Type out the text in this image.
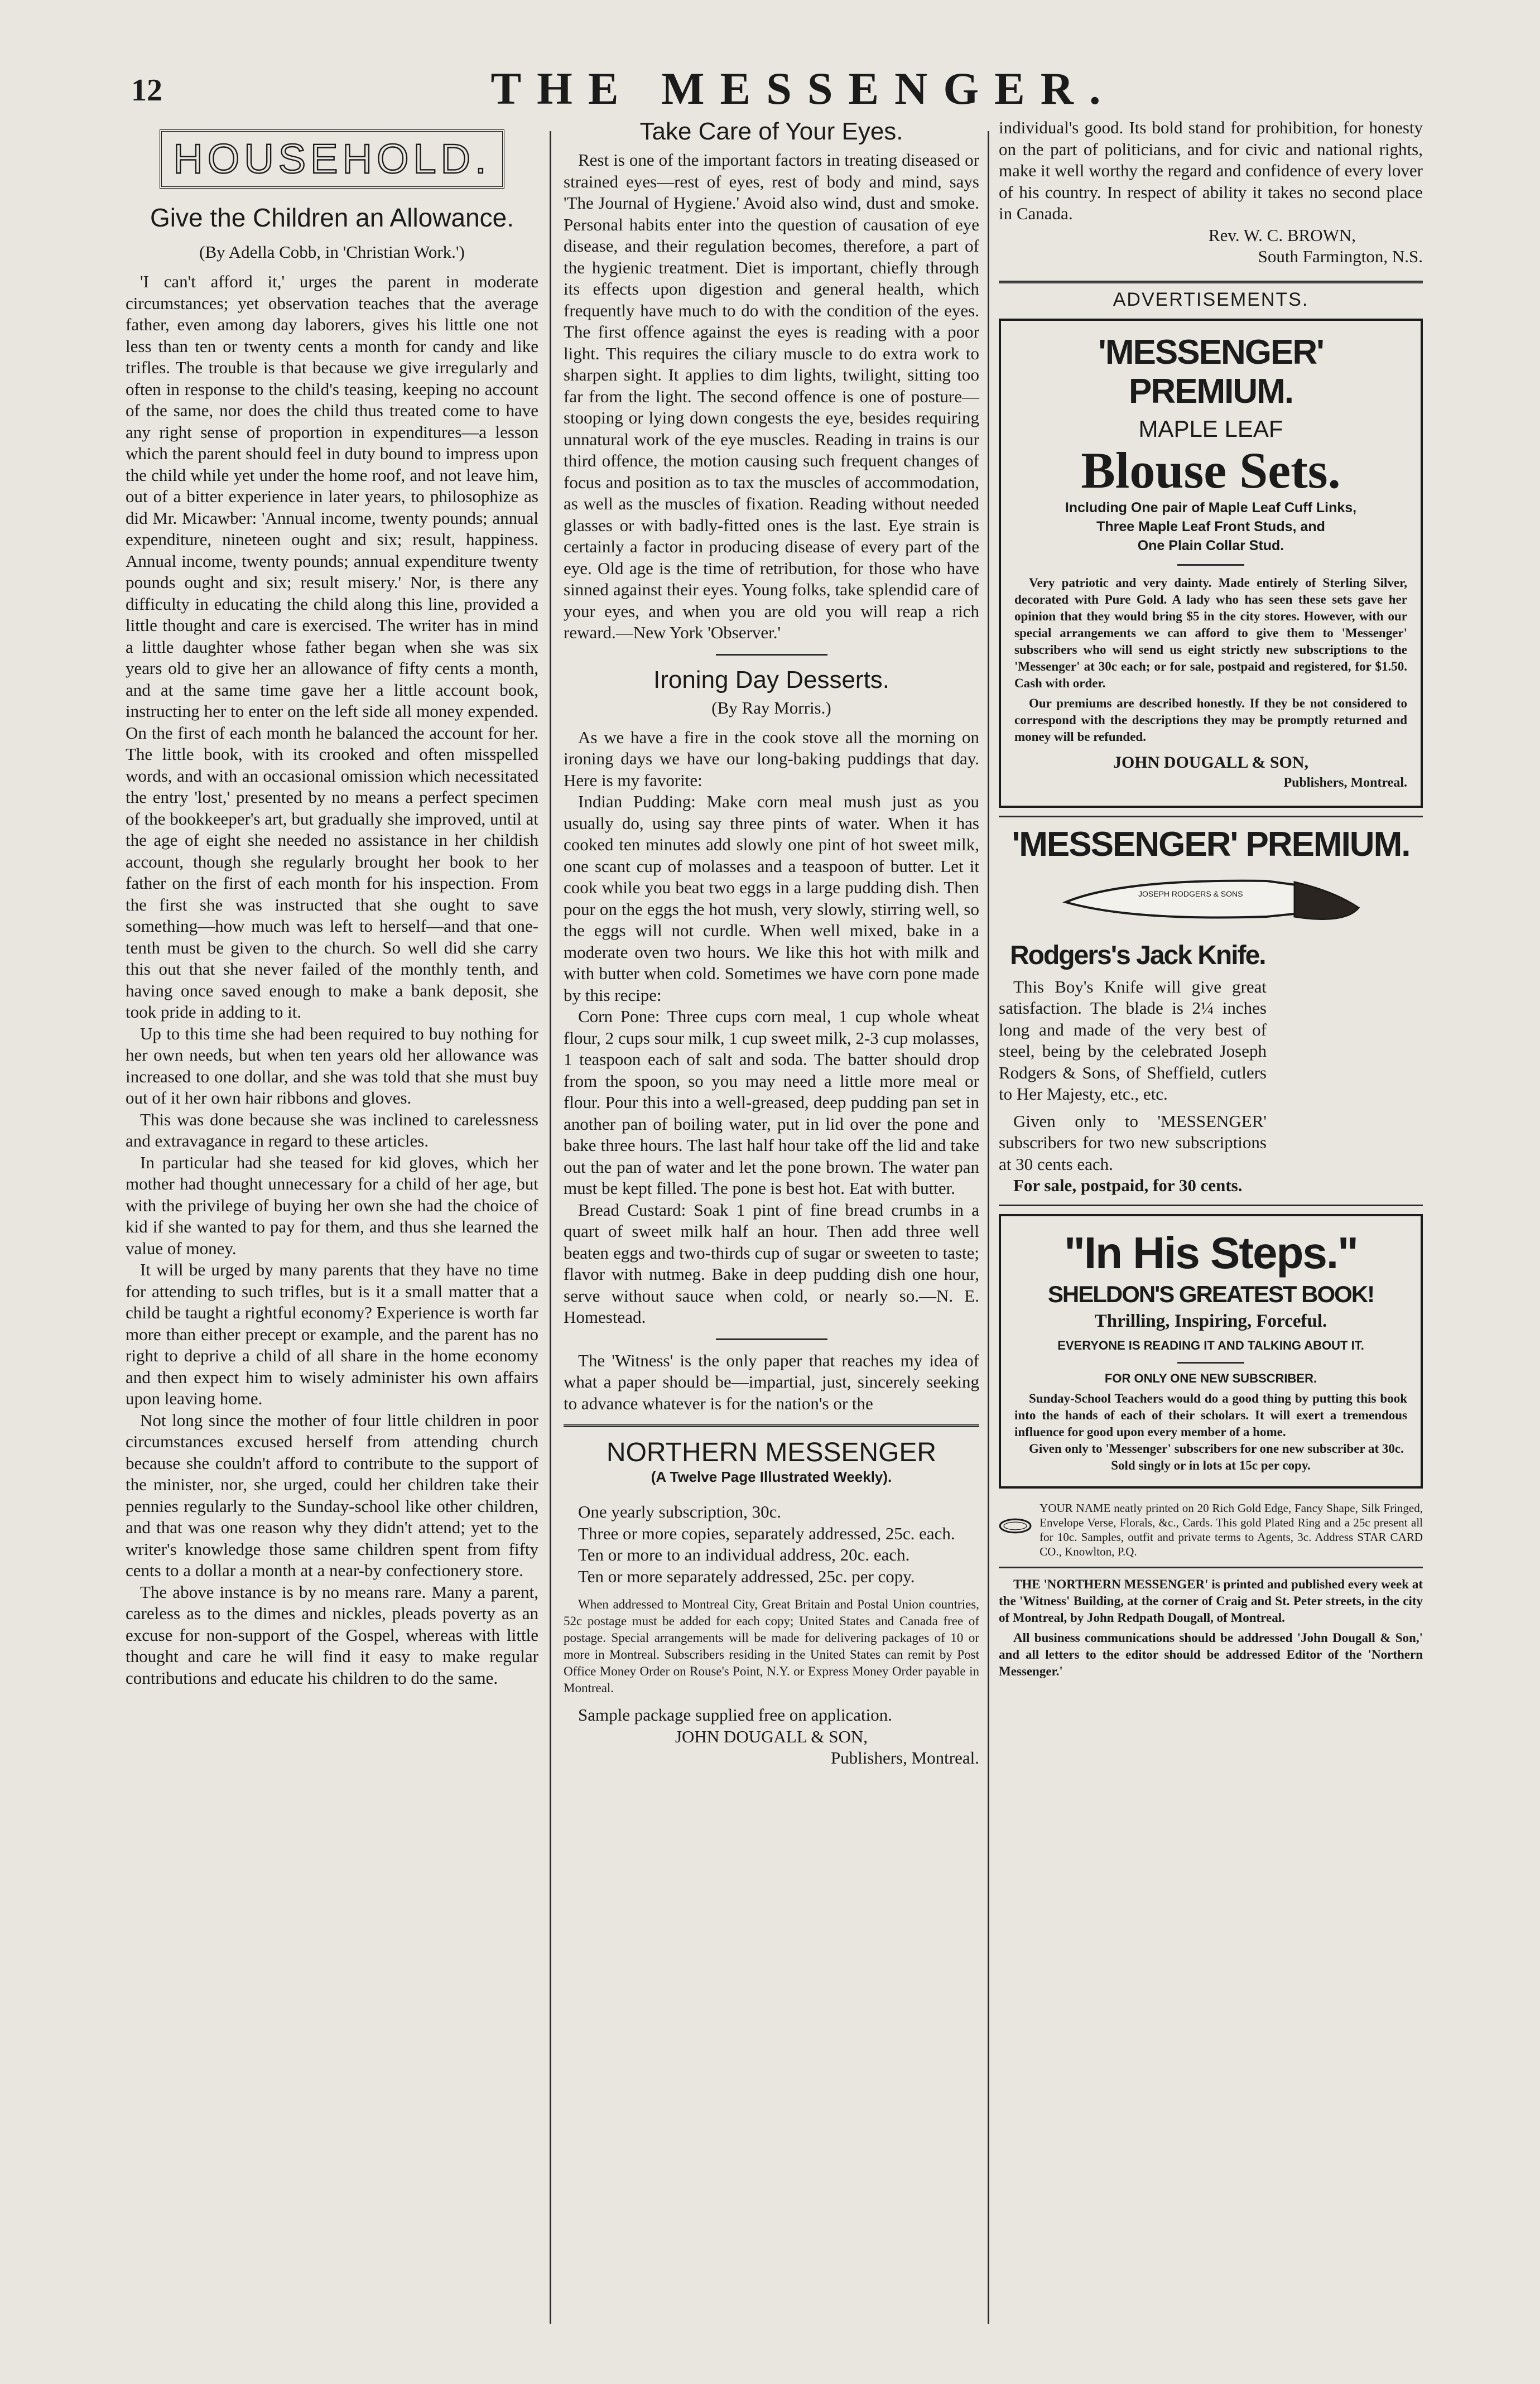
12	THE MESSENGER.
HOUSEHOLD.
Give the Children an Allowance.
(By Adella Cobb, in 'Christian Work.')

'I can't afford it,' urges the parent in moderate circumstances; yet observation teaches that the average father, even among day laborers, gives his little one not less than ten or twenty cents a month for candy and like trifles. The trouble is that because we give irregularly and often in response to the child's teasing, keeping no account of the same, nor does the child thus treated come to have any right sense of proportion in expenditures—a lesson which the parent should feel in duty bound to impress upon the child while yet under the home roof, and not leave him, out of a bitter experience in later years, to philosophize as did Mr. Micawber: 'Annual income, twenty pounds; annual expenditure, nineteen ought and six; result, happiness. Annual income, twenty pounds; annual expenditure twenty pounds ought and six; result misery.' Nor, is there any difficulty in educating the child along this line, provided a little thought and care is exercised. The writer has in mind a little daughter whose father began when she was six years old to give her an allowance of fifty cents a month, and at the same time gave her a little account book, instructing her to enter on the left side all money expended. On the first of each month he balanced the account for her. The little book, with its crooked and often misspelled words, and with an occasional omission which necessitated the entry 'lost,' presented by no means a perfect specimen of the bookkeeper's art, but gradually she improved, until at the age of eight she needed no assistance in her childish account, though she regularly brought her book to her father on the first of each month for his inspection. From the first she was instructed that she ought to save something—how much was left to herself—and that one-tenth must be given to the church. So well did she carry this out that she never failed of the monthly tenth, and having once saved enough to make a bank deposit, she took pride in adding to it.

Up to this time she had been required to buy nothing for her own needs, but when ten years old her allowance was increased to one dollar, and she was told that she must buy out of it her own hair ribbons and gloves.

This was done because she was inclined to carelessness and extravagance in regard to these articles.

In particular had she teased for kid gloves, which her mother had thought unnecessary for a child of her age, but with the privilege of buying her own she had the choice of kid if she wanted to pay for them, and thus she learned the value of money.

It will be urged by many parents that they have no time for attending to such trifles, but is it a small matter that a child be taught a rightful economy? Experience is worth far more than either precept or example, and the parent has no right to deprive a child of all share in the home economy and then expect him to wisely administer his own affairs upon leaving home.

Not long since the mother of four little children in poor circumstances excused herself from attending church because she couldn't afford to contribute to the support of the minister, nor, she urged, could her children take their pennies regularly to the Sunday-school like other children, and that was one reason why they didn't attend; yet to the writer's knowledge those same children spent from fifty cents to a dollar a month at a near-by confectionery store.

The above instance is by no means rare. Many a parent, careless as to the dimes and nickles, pleads poverty as an excuse for non-support of the Gospel, whereas with little thought and care he will find it easy to make regular contributions and educate his children to do the same.

Take Care of Your Eyes.

Rest is one of the important factors in treating diseased or strained eyes—rest of eyes, rest of body and mind, says 'The Journal of Hygiene.' Avoid also wind, dust and smoke. Personal habits enter into the question of causation of eye disease, and their regulation becomes, therefore, a part of the hygienic treatment. Diet is important, chiefly through its effects upon digestion and general health, which frequently have much to do with the condition of the eyes. The first offence against the eyes is reading with a poor light. This requires the ciliary muscle to do extra work to sharpen sight. It applies to dim lights, twilight, sitting too far from the light. The second offence is one of posture—stooping or lying down congests the eye, besides requiring unnatural work of the eye muscles. Reading in trains is our third offence, the motion causing such frequent changes of focus and position as to tax the muscles of accommodation, as well as the muscles of fixation. Reading without needed glasses or with badly-fitted ones is the last. Eye strain is certainly a factor in producing disease of every part of the eye. Old age is the time of retribution, for those who have sinned against their eyes. Young folks, take splendid care of your eyes, and when you are old you will reap a rich reward.—New York 'Observer.'

Ironing Day Desserts.
(By Ray Morris.)

As we have a fire in the cook stove all the morning on ironing days we have our long-baking puddings that day. Here is my favorite:

Indian Pudding: Make corn meal mush just as you usually do, using say three pints of water. When it has cooked ten minutes add slowly one pint of hot sweet milk, one scant cup of molasses and a teaspoon of butter. Let it cook while you beat two eggs in a large pudding dish. Then pour on the eggs the hot mush, very slowly, stirring well, so the eggs will not curdle. When well mixed, bake in a moderate oven two hours. We like this hot with milk and with butter when cold. Sometimes we have corn pone made by this recipe:

Corn Pone: Three cups corn meal, 1 cup whole wheat flour, 2 cups sour milk, 1 cup sweet milk, 2-3 cup molasses, 1 teaspoon each of salt and soda. The batter should drop from the spoon, so you may need a little more meal or flour. Pour this into a well-greased, deep pudding pan set in another pan of boiling water, put in lid over the pone and bake three hours. The last half hour take off the lid and take out the pan of water and let the pone brown. The water pan must be kept filled. The pone is best hot. Eat with butter.

Bread Custard: Soak 1 pint of fine bread crumbs in a quart of sweet milk half an hour. Then add three well beaten eggs and two-thirds cup of sugar or sweeten to taste; flavor with nutmeg. Bake in deep pudding dish one hour, serve without sauce when cold, or nearly so.—N. E. Homestead.

The 'Witness' is the only paper that reaches my idea of what a paper should be—impartial, just, sincerely seeking to advance whatever is for the nation's or the

NORTHERN MESSENGER
(A Twelve Page Illustrated Weekly).

One yearly subscription, 30c.

Three or more copies, separately addressed, 25c. each.

Ten or more to an individual address, 20c. each.

Ten or more separately addressed, 25c. per copy.

When addressed to Montreal City, Great Britain and Postal Union countries, 52c postage must be added for each copy; United States and Canada free of postage. Special arrangements will be made for delivering packages of 10 or more in Montreal. Subscribers residing in the United States can remit by Post Office Money Order on Rouse's Point, N.Y. or Express Money Order payable in Montreal.

Sample package supplied free on application.

JOHN DOUGALL & SON,
Publishers, Montreal.

individual's good. Its bold stand for prohibition, for honesty on the part of politicians, and for civic and national rights, make it well worthy the regard and confidence of every lover of his country. In respect of ability it takes no second place in Canada.

Rev. W. C. BROWN,
South Farmington, N.S.
ADVERTISEMENTS.
'MESSENGER' PREMIUM.
MAPLE LEAF
Blouse Sets.
Including One pair of Maple Leaf Cuff Links,
Three Maple Leaf Front Studs, and
One Plain Collar Stud.

Very patriotic and very dainty. Made entirely of Sterling Silver, decorated with Pure Gold. A lady who has seen these sets gave her opinion that they would bring $5 in the city stores. However, with our special arrangements we can afford to give them to 'Messenger' subscribers who will send us eight strictly new subscriptions to the 'Messenger' at 30c each; or for sale, postpaid and registered, for $1.50. Cash with order.

Our premiums are described honestly. If they be not considered to correspond with the descriptions they may be promptly returned and money will be refunded.

JOHN DOUGALL & SON,
Publishers, Montreal.
'MESSENGER' PREMIUM.
JOSEPH RODGERS & SONS
Rodgers's Jack Knife.

This Boy's Knife will give great satisfaction. The blade is 2¼ inches long and made of the very best of steel, being by the celebrated Joseph Rodgers & Sons, of Sheffield, cutlers to Her Majesty, etc., etc.

Given only to 'MESSENGER' subscribers for two new subscriptions at 30 cents each.

For sale, postpaid, for 30 cents.

"In His Steps."
SHELDON'S GREATEST BOOK!
Thrilling, Inspiring, Forceful.
EVERYONE IS READING IT AND TALKING ABOUT IT.
FOR ONLY ONE NEW SUBSCRIBER.

Sunday-School Teachers would do a good thing by putting this book into the hands of each of their scholars. It will exert a tremendous influence for good upon every member of a home.

Given only to 'Messenger' subscribers for one new subscriber at 30c.

Sold singly or in lots at 15c per copy.
YOUR NAME neatly printed on 20 Rich Gold Edge, Fancy Shape, Silk Fringed, Envelope Verse, Florals, &c., Cards. This gold Plated Ring and a 25c present all for 10c. Samples, outfit and private terms to Agents, 3c. Address STAR CARD CO., Knowlton, P.Q.

THE 'NORTHERN MESSENGER' is printed and published every week at the 'Witness' Building, at the corner of Craig and St. Peter streets, in the city of Montreal, by John Redpath Dougall, of Montreal.

All business communications should be addressed 'John Dougall & Son,' and all letters to the editor should be addressed Editor of the 'Northern Messenger.'
